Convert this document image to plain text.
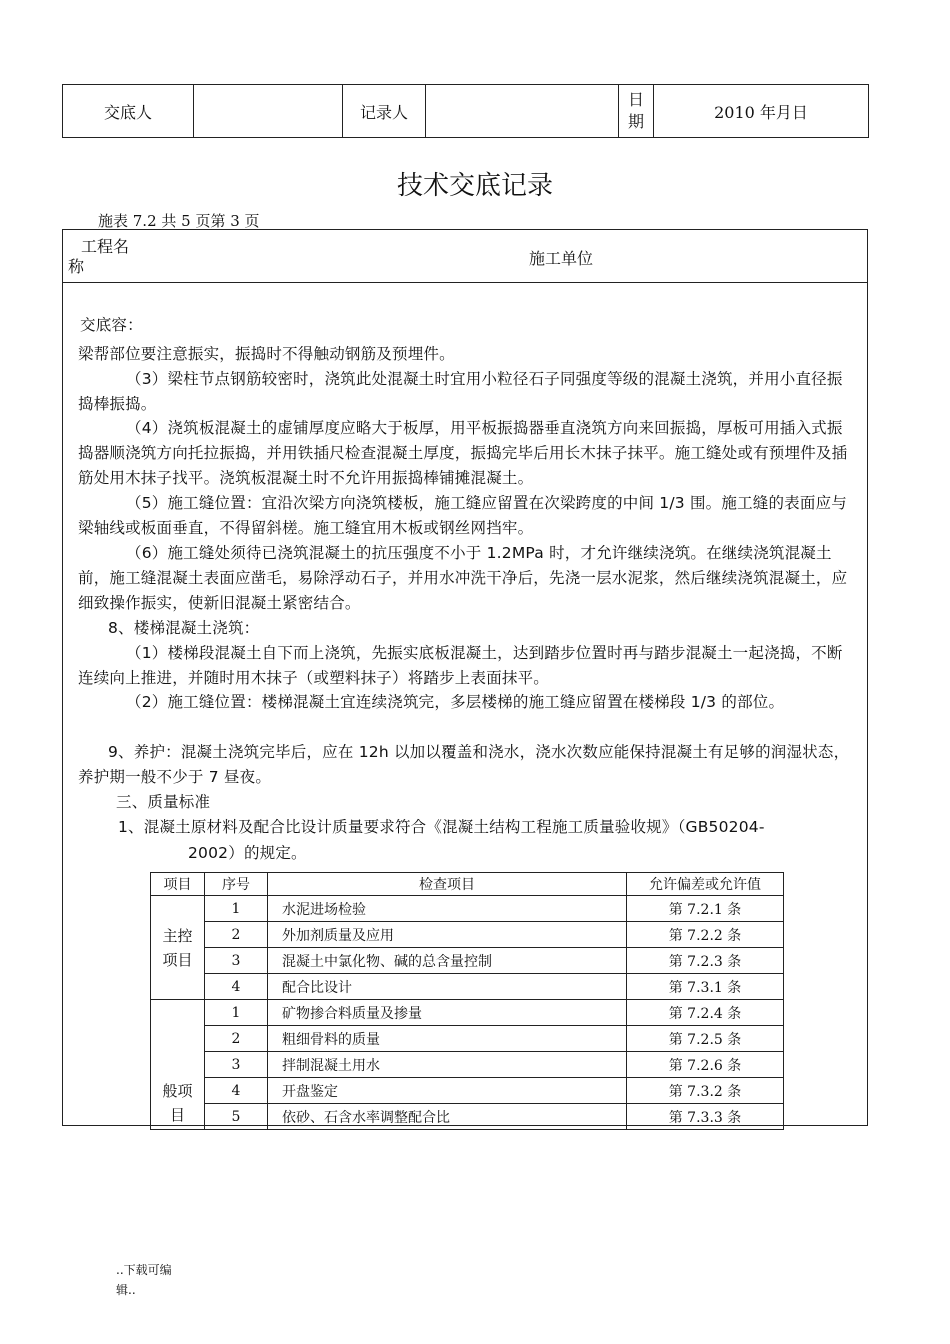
交底人		记录人		
日
期	2010 年月日
技术交底记录
施表 7.2 共 5 页第 3 页
工程名
称	施工单位
交底容：
梁帮部位要注意振实，振捣时不得触动钢筋及预埋件。
（3）梁柱节点钢筋较密时，浇筑此处混凝土时宜用小粒径石子同强度等级的混凝土浇筑，并用小直径振捣棒振捣。
（4）浇筑板混凝土的虚铺厚度应略大于板厚，用平板振捣器垂直浇筑方向来回振捣，厚板可用插入式振捣器顺浇筑方向托拉振捣，并用铁插尺检查混凝土厚度，振捣完毕后用长木抹子抹平。施工缝处或有预埋件及插筋处用木抹子找平。浇筑板混凝土时不允许用振捣棒铺摊混凝土。
（5）施工缝位置：宜沿次梁方向浇筑楼板，施工缝应留置在次梁跨度的中间 1/3 围。施工缝的表面应与梁轴线或板面垂直，不得留斜槎。施工缝宜用木板或钢丝网挡牢。
（6）施工缝处须待已浇筑混凝土的抗压强度不小于 1.2MPa 时，才允许继续浇筑。在继续浇筑混凝土前，施工缝混凝土表面应凿毛，易除浮动石子，并用水冲洗干净后，先浇一层水泥浆，然后继续浇筑混凝土，应细致操作振实，使新旧混凝土紧密结合。
8、楼梯混凝土浇筑：
（1）楼梯段混凝土自下而上浇筑，先振实底板混凝土，达到踏步位置时再与踏步混凝土一起浇捣，不断连续向上推进，并随时用木抹子（或塑料抹子）将踏步上表面抹平。
（2）施工缝位置：楼梯混凝土宜连续浇筑完，多层楼梯的施工缝应留置在楼梯段 1/3 的部位。
9、养护：混凝土浇筑完毕后，应在 12h 以加以覆盖和浇水，浇水次数应能保持混凝土有足够的润湿状态，养护期一般不少于 7 昼夜。
三、质量标准
1、混凝土原材料及配合比设计质量要求符合《混凝土结构工程施工质量验收规》（GB50204-
2002）的规定。
项目	序号	检查项目	允许偏差或允许值

主控
项目	1	水泥进场检验	第 7.2.1 条
	2	外加剂质量及应用	第 7.2.2 条
	3	混凝土中氯化物、碱的总含量控制	第 7.2.3 条
	4	配合比设计	第 7.3.1 条

般项
目	1	矿物掺合料质量及掺量	第 7.2.4 条
	2	粗细骨料的质量	第 7.2.5 条
	3	拌制混凝土用水	第 7.2.6 条
	4	开盘鉴定	第 7.3.2 条
	5	依砂、石含水率调整配合比	第 7.3.3 条
..下载可编
辑..
